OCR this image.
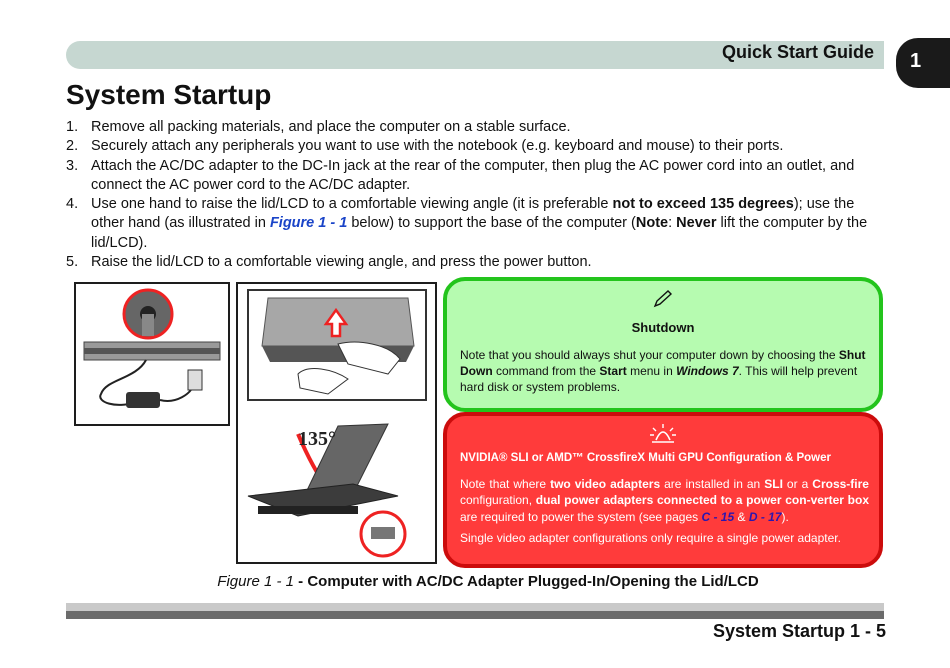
Quick Start Guide 1
System Startup
1. Remove all packing materials, and place the computer on a stable surface.
2. Securely attach any peripherals you want to use with the notebook (e.g. keyboard and mouse) to their ports.
3. Attach the AC/DC adapter to the DC-In jack at the rear of the computer, then plug the AC power cord into an outlet, and connect the AC power cord to the AC/DC adapter.
4. Use one hand to raise the lid/LCD to a comfortable viewing angle (it is preferable not to exceed 135 degrees); use the other hand (as illustrated in Figure 1 - 1 below) to support the base of the computer (Note: Never lift the computer by the lid/LCD).
5. Raise the lid/LCD to a comfortable viewing angle, and press the power button.
135°
Shutdown
Note that you should always shut your computer down by choosing the Shut Down command from the Start menu in Windows 7. This will help prevent hard disk or system problems.
NVIDIA® SLI or AMD™ CrossfireX Multi GPU Configuration & Power
Note that where two video adapters are installed in an SLI or a Cross-fire configuration, dual power adapters connected to a power con-verter box are required to power the system (see pages C - 15 & D - 17).
Single video adapter configurations only require a single power adapter.
Figure 1 - 1 - Computer with AC/DC Adapter Plugged-In/Opening the Lid/LCD
System Startup 1 - 5
